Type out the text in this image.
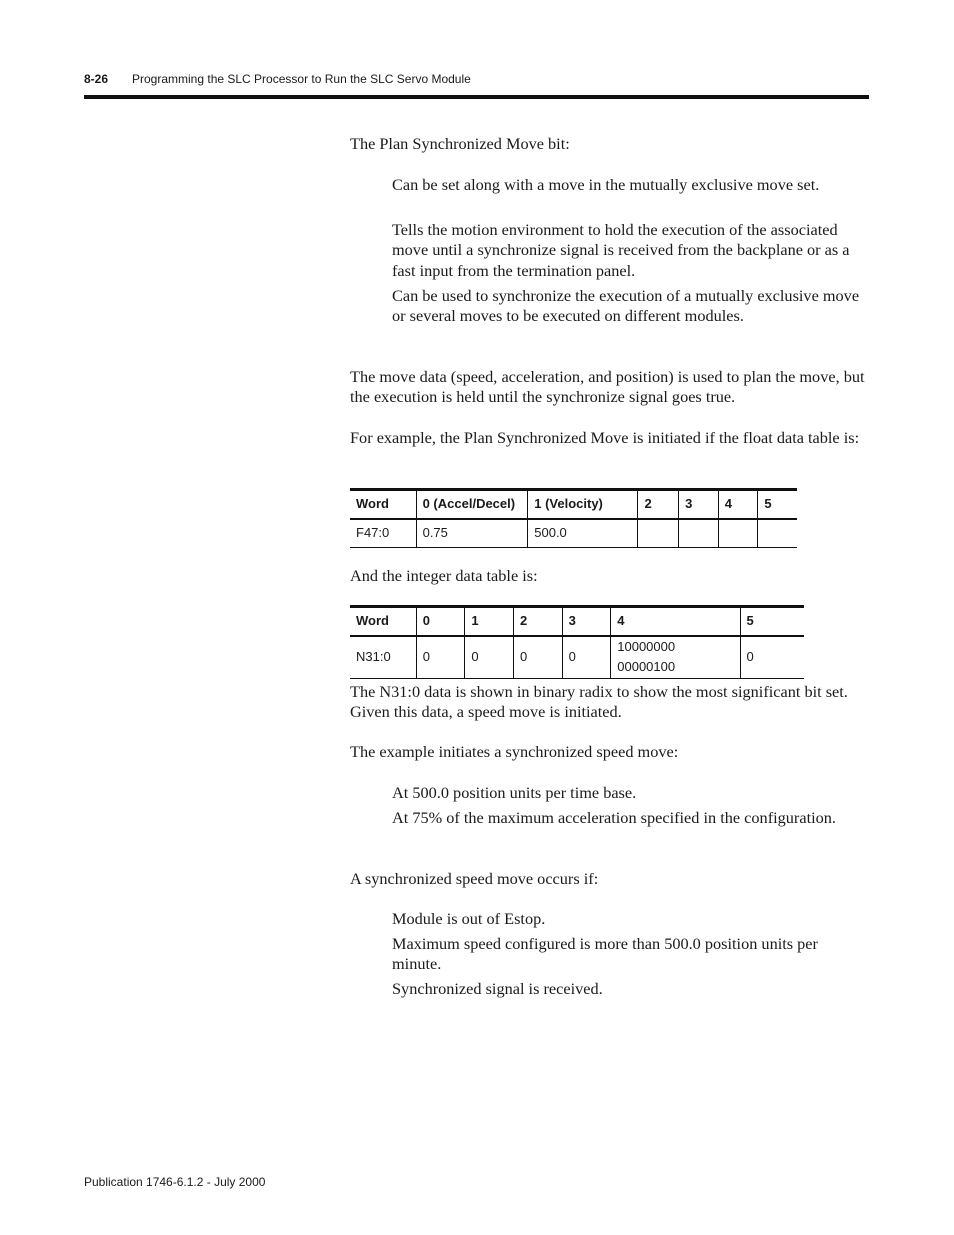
8-26 Programming the SLC Processor to Run the SLC Servo Module

The Plan Synchronized Move bit:

Can be set along with a move in the mutually exclusive move set.

Tells the motion environment to hold the execution of the associated move until a synchronize signal is received from the backplane or as a fast input from the termination panel.

Can be used to synchronize the execution of a mutually exclusive move or several moves to be executed on different modules.

The move data (speed, acceleration, and position) is used to plan the move, but the execution is held until the synchronize signal goes true.

For example, the Plan Synchronized Move is initiated if the float data table is:

Word	0 (Accel/Decel)	1 (Velocity)	2	3	4	5
F47:0	0.75	500.0				

And the integer data table is:

Word	0	1	2	3	4	5
N31:0	0	0	0	0	10000000 00000100	0

The N31:0 data is shown in binary radix to show the most significant bit set. Given this data, a speed move is initiated.

The example initiates a synchronized speed move:

At 500.0 position units per time base.

At 75% of the maximum acceleration specified in the configuration.

A synchronized speed move occurs if:

Module is out of Estop.

Maximum speed configured is more than 500.0 position units per minute.

Synchronized signal is received.

Publication 1746-6.1.2 - July 2000
